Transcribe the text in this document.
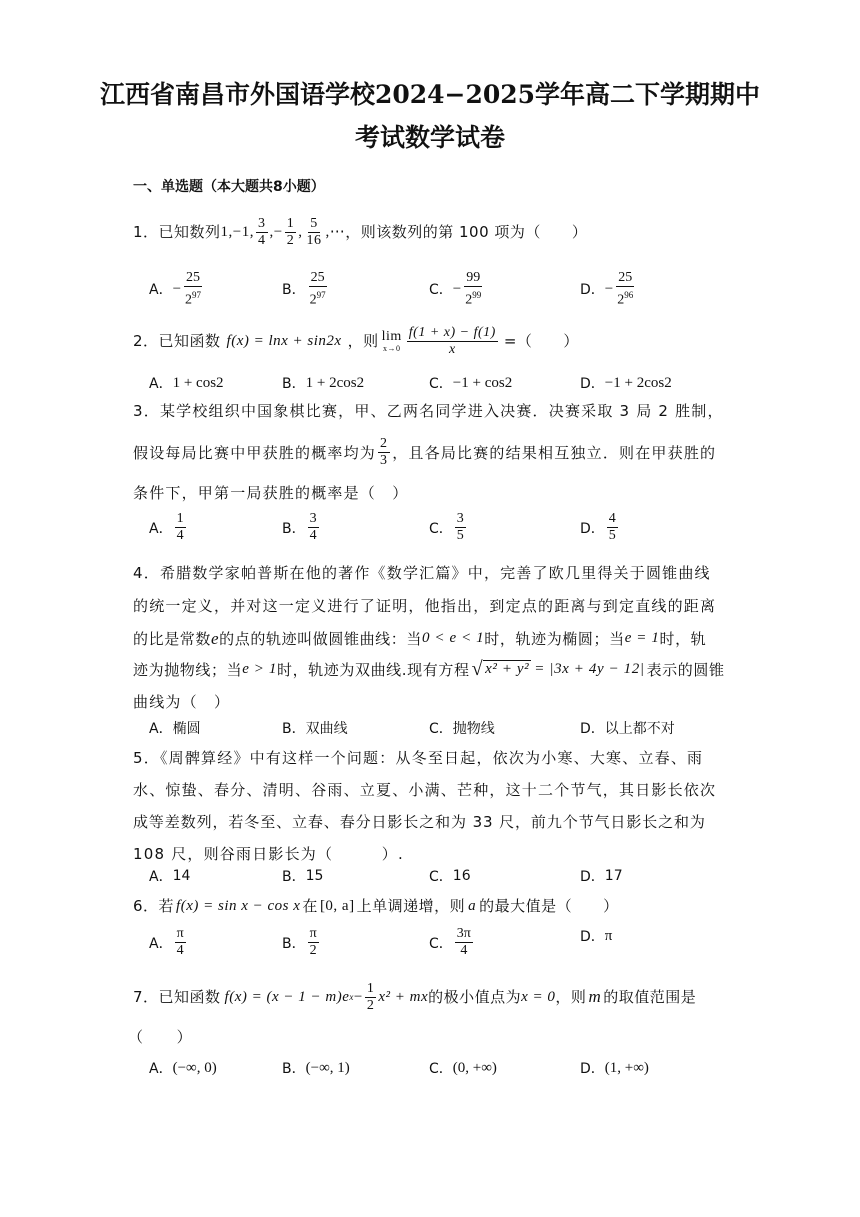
江西省南昌市外国语学校2024−2025学年高二下学期期中
考试数学试卷
一、单选题（本大题共8小题）
1．已知数列 1,−1, $\frac{3}{4}$ ,− $\frac{1}{2}$ , $\frac{5}{16}$ ,⋯ ，则该数列的第 100 项为（　　）
A． − $\frac{25}{2^{97}}$	B． $\frac{25}{2^{97}}$	C． − $\frac{99}{2^{99}}$	D． − $\frac{25}{2^{96}}$
2．已知函数 f(x) = lnx + sin2x ，则 lim
$x\to 0 \frac{f(1 + x) - f(1)}{x}$ =（　　）
A． 1 + cos2	B． 1 + 2cos2	C． −1 + cos2	D． −1 + 2cos2
3．某学校组织中国象棋比赛，甲、乙两名同学进入决赛．决赛采取 3 局 2 胜制，
假设每局比赛中甲获胜的概率均为 $\frac{2}{3}$ ，且各局比赛的结果相互独立．则在甲获胜的
条件下，甲第一局获胜的概率是（　）
A． $\frac{1}{4}$	B． $\frac{3}{4}$	C． $\frac{3}{5}$	D． $\frac{4}{5}$
4．希腊数学家帕普斯在他的著作《数学汇篇》中，完善了欧几里得关于圆锥曲线
的统一定义，并对这一定义进行了证明，他指出，到定点的距离与到定直线的距离
的比是常数 e 的点的轨迹叫做圆锥曲线：当 0 < e < 1 时，轨迹为椭圆；当 e = 1 时，轨
迹为抛物线；当 e > 1 时，轨迹为双曲线.现有方程 √ x² + y² = |3x + 4y − 12| 表示的圆锥
曲线为（　）
A． 椭圆	B． 双曲线	C． 抛物线	D． 以上都不对
5．《周髀算经》中有这样一个问题：从冬至日起，依次为小寒、大寒、立春、雨
水、惊蛰、春分、清明、谷雨、立夏、小满、芒种，这十二个节气，其日影长依次
成等差数列，若冬至、立春、春分日影长之和为 33 尺，前九个节气日影长之和为
108 尺，则谷雨日影长为（　　　）.
A． 14	B． 15	C． 16	D． 17
6．若 f(x) = sin x − cos x 在 [0, a] 上单调递增，则 a 的最大值是（　　）
A． $\frac{\pi}{4}$	B． $\frac{\pi}{2}$	C． $\frac{3\pi}{4}$	D． π
7．已知函数 f(x) = (x − 1 − m)e $x - \frac{1}{2} x^2$ + mx 的极小值点为 x = 0 ，则 m 的取值范围是
（　　）
A． (−∞, 0)	B． (−∞, 1)	C． (0, +∞)	D． (1, +∞)
